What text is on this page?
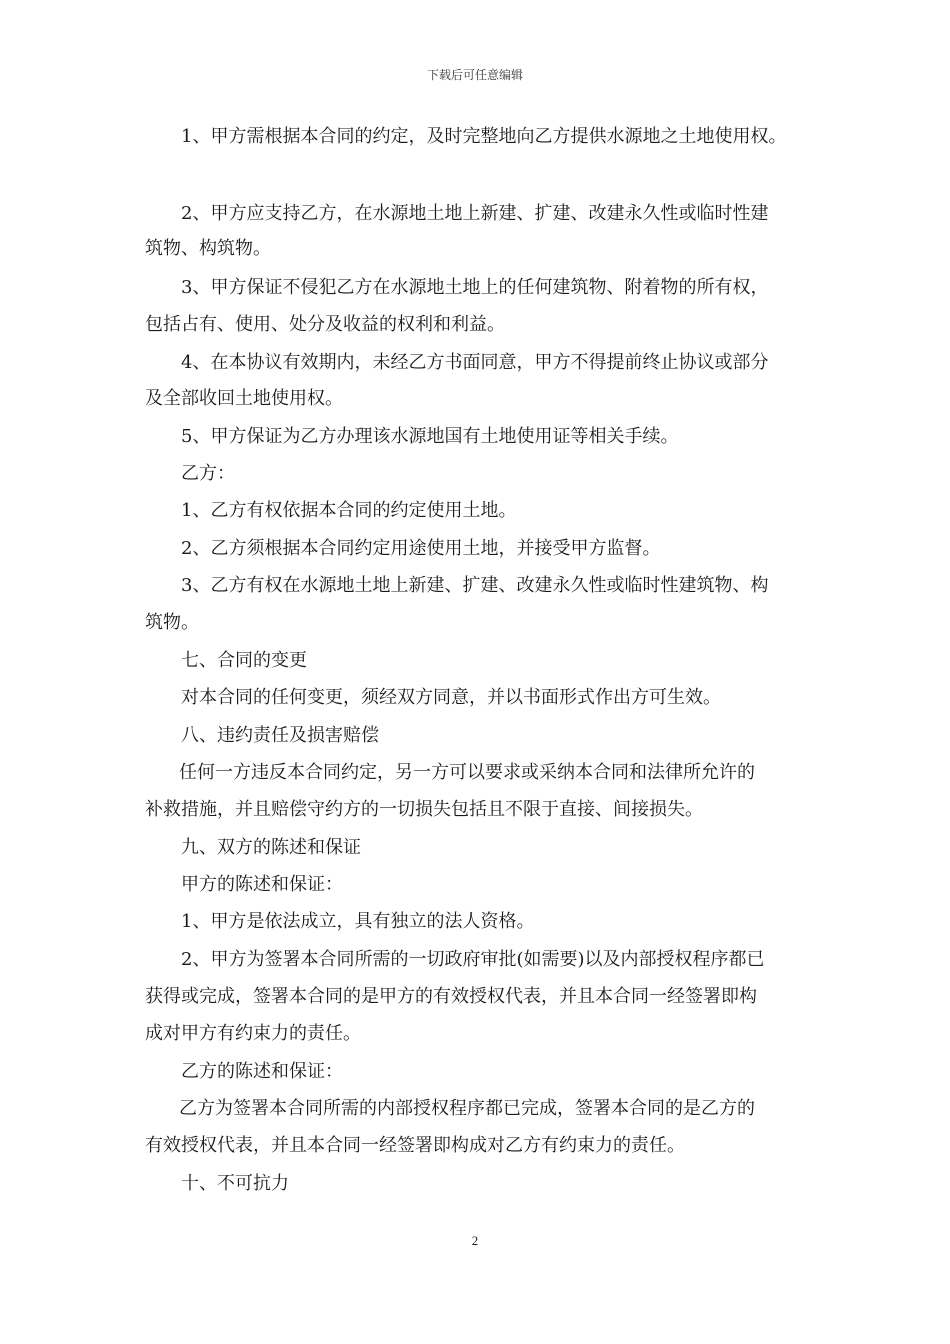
下载后可任意编辑
1、甲方需根据本合同的约定，及时完整地向乙方提供水源地之土地使用权。
2、甲方应支持乙方，在水源地土地上新建、扩建、改建永久性或临时性建
筑物、构筑物。
3、甲方保证不侵犯乙方在水源地土地上的任何建筑物、附着物的所有权，
包括占有、使用、处分及收益的权利和利益。
4、在本协议有效期内，未经乙方书面同意，甲方不得提前终止协议或部分
及全部收回土地使用权。
5、甲方保证为乙方办理该水源地国有土地使用证等相关手续。
乙方：
1、乙方有权依据本合同的约定使用土地。
2、乙方须根据本合同约定用途使用土地，并接受甲方监督。
3、乙方有权在水源地土地上新建、扩建、改建永久性或临时性建筑物、构
筑物。
七、合同的变更
对本合同的任何变更，须经双方同意，并以书面形式作出方可生效。
八、违约责任及损害赔偿
任何一方违反本合同约定，另一方可以要求或采纳本合同和法律所允许的
补救措施，并且赔偿守约方的一切损失包括且不限于直接、间接损失。
九、双方的陈述和保证
甲方的陈述和保证：
1、甲方是依法成立，具有独立的法人资格。
2、甲方为签署本合同所需的一切政府审批(如需要)以及内部授权程序都已
获得或完成，签署本合同的是甲方的有效授权代表，并且本合同一经签署即构
成对甲方有约束力的责任。
乙方的陈述和保证：
乙方为签署本合同所需的内部授权程序都已完成，签署本合同的是乙方的
有效授权代表，并且本合同一经签署即构成对乙方有约束力的责任。
十、不可抗力
2
